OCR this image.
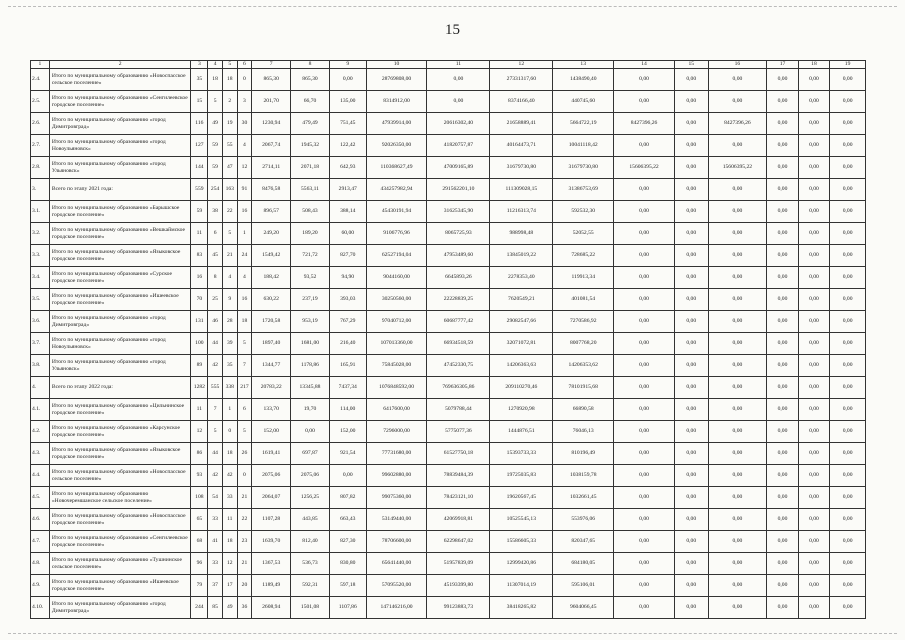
15
1	2	3	4	5	6	7	8	9	10	11	12	13	14	15	16	17	18	19
2.4.	Итого по муниципальному образованию «Новоспасское сельское поселение»	35	18	18	0	865,30	865,30	0,00	28769808,00	0,00	27331317,60	1438490,40	0,00	0,00	0,00	0,00	0,00	0,00
2.5.	Итого по муниципальному образованию «Сенгилеевское городское поселение»	15	5	2	3	201,70	66,70	135,00	8314912,00	0,00	8374166,40	440745,60	0,00	0,00	0,00	0,00	0,00	0,00
2.6.	Итого по муниципальному образованию «город Димитровград»	116	49	19	30	1230,94	479,49	751,45	47939914,00	20616302,40	21658889,41	5664722,19	8427396,26	0,00	8427396,26	0,00	0,00	0,00
2.7.	Итого по муниципальному образованию «город Новоульяновск»	127	59	55	4	2067,74	1945,32	122,42	92026350,00	41820757,87	40164473,71	10041118,42	0,00	0,00	0,00	0,00	0,00	0,00
2.8.	Итого по муниципальному образованию «город Ульяновск»	144	59	47	12	2714,11	2071,18	642,93	110368627,49	47009165,89	31679730,80	31679730,80	15606395,22	0,00	15606395,22	0,00	0,00	0,00
3.	Всего по этапу 2021 года:	559	254	163	91	8476,58	5563,11	2913,47	434257982,94	291562201,10	111309028,15	31386753,69	0,00	0,00	0,00	0,00	0,00	0,00
3.1.	Итого по муниципальному образованию «Барышское городское поселение»	59	38	22	16	896,57	508,43	388,14	45430191,94	31625345,90	11216313,74	592532,30	0,00	0,00	0,00	0,00	0,00	0,00
3.2.	Итого по муниципальному образованию «Вешкаймское городское поселение»	11	6	5	1	249,20	189,20	60,00	9106776,96	8065725,93	988998,48	52052,55	0,00	0,00	0,00	0,00	0,00	0,00
3.3.	Итого по муниципальному образованию «Языковское городское поселение»	83	45	21	24	1549,42	721,72	827,70	62527194,04	47953489,60	13845019,22	728685,22	0,00	0,00	0,00	0,00	0,00	0,00
3.4.	Итого по муниципальному образованию «Сурское городское поселение»	16	8	4	4	188,42	93,52	94,90	9044160,00	6645893,26	2278353,40	119913,34	0,00	0,00	0,00	0,00	0,00	0,00
3.5.	Итого по муниципальному образованию «Ишеевское городское поселение»	70	25	9	16	630,22	237,19	393,03	30250560,00	22228839,25	7620549,21	401081,54	0,00	0,00	0,00	0,00	0,00	0,00
3.6.	Итого по муниципальному образованию «город Димитровград»	131	46	28	18	1720,58	953,19	767,29	97040712,00	60687777,42	29082547,66	7270586,92	0,00	0,00	0,00	0,00	0,00	0,00
3.7.	Итого по муниципальному образованию «город Новоульяновск»	100	44	39	5	1897,40	1681,00	216,40	107013360,00	66934518,59	32071072,81	8007768,20	0,00	0,00	0,00	0,00	0,00	0,00
3.8.	Итого по муниципальному образованию «город Ульяновск»	89	42	35	7	1344,77	1178,86	165,91	75845028,00	47452330,75	14206363,63	14206353,62	0,00	0,00	0,00	0,00	0,00	0,00
4.	Всего по этапу 2022 года:	1282	555	338	217	20783,22	13345,88	7437,34	1076848592,00	769636305,86	209110270,46	78101915,68	0,00	0,00	0,00	0,00	0,00	0,00
4.1.	Итого по муниципальному образованию «Цильнинское городское поселение»	11	7	1	6	133,70	19,70	114,00	6417600,00	5079788,44	1270920,98	66890,58	0,00	0,00	0,00	0,00	0,00	0,00
4.2.	Итого по муниципальному образованию «Карсунское городское поселение»	12	5	0	5	152,00	0,00	152,00	7296000,00	5775077,36	1444876,51	76046,13	0,00	0,00	0,00	0,00	0,00	0,00
4.3.	Итого по муниципальному образованию «Языковское городское поселение»	86	44	18	26	1619,41	697,87	921,54	77731680,00	61527750,18	15393733,33	810196,49	0,00	0,00	0,00	0,00	0,00	0,00
4.4.	Итого по муниципальному образованию «Новоспасское сельское поселение»	93	42	42	0	2075,06	2075,06	0,00	99602880,00	78839484,39	19725035,83	1038159,78	0,00	0,00	0,00	0,00	0,00	0,00
4.5.	Итого по муниципальному образованию «Новочеремшанское сельское поселение»	108	54	33	21	2064,07	1256,25	807,82	99075360,00	78423121,10	19620567,45	1032661,45	0,00	0,00	0,00	0,00	0,00	0,00
4.6.	Итого по муниципальному образованию «Новоспасское городское поселение»	65	33	11	22	1107,28	443,85	663,43	53149440,00	42069918,81	10525545,13	553976,06	0,00	0,00	0,00	0,00	0,00	0,00
4.7.	Итого по муниципальному образованию «Сенгилеевское городское поселение»	68	41	18	23	1639,70	812,40	827,30	78706600,00	62298647,02	15586605,33	820347,65	0,00	0,00	0,00	0,00	0,00	0,00
4.8.	Итого по муниципальному образованию «Тушнинское сельское поселение»	96	33	12	21	1367,53	536,73	830,80	65641440,00	51957839,09	12999420,86	684180,05	0,00	0,00	0,00	0,00	0,00	0,00
4.9.	Итого по муниципальному образованию «Ишеевское городское поселение»	79	37	17	20	1189,49	592,31	597,18	57095520,00	45193399,80	11307014,19	595106,01	0,00	0,00	0,00	0,00	0,00	0,00
4.10.	Итого по муниципальному образованию «город Димитровград»	244	85	49	36	2608,94	1501,08	1107,86	147146216,00	99123883,73	38418265,82	9604066,45	0,00	0,00	0,00	0,00	0,00	0,00
